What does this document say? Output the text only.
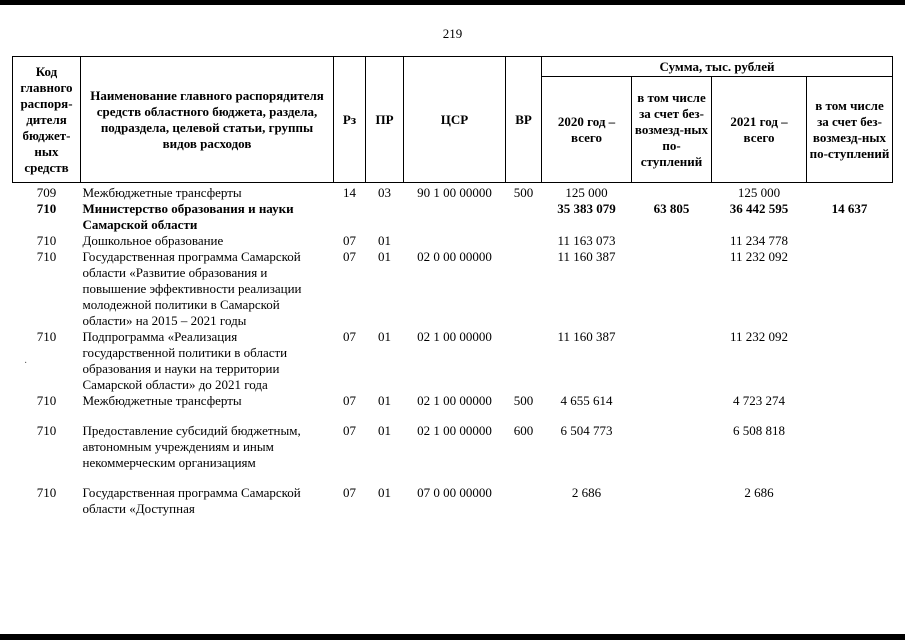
219
Код главного распоря-дителя бюджет-ных средств	Наименование главного распорядителя средств областного бюджета, раздела, подраздела, целевой статьи, группы видов расходов	Рз	ПР	ЦСР	ВР	Сумма, тыс. рублей			
						2020 год – всего	в том числе за счет без-возмезд-ных по-ступлений	2021 год – всего	в том числе за счет без-возмезд-ных по-ступлений
709	Межбюджетные трансферты	14	03	90 1 00 00000	500	125 000		125 000	
710	Министерство образования и науки Самарской области					35 383 079	63 805	36 442 595	14 637
710	Дошкольное образование	07	01			11 163 073		11 234 778	
710	Государственная программа Самарской области «Развитие образования и повышение эффективности реализации молодежной политики в Самарской области» на 2015 – 2021 годы	07	01	02 0 00 00000		11 160 387		11 232 092	
710	Подпрограмма «Реализация государственной политики в области образования и науки на территории Самарской области» до 2021 года	07	01	02 1 00 00000		11 160 387		11 232 092	
710	Межбюджетные трансферты	07	01	02 1 00 00000	500	4 655 614		4 723 274	
710	Предоставление субсидий бюджетным, автономным учреждениям и иным некоммерческим организациям	07	01	02 1 00 00000	600	6 504 773		6 508 818	
710	Государственная программа Самарской области «Доступная	07	01	07 0 00 00000		2 686		2 686	
·
